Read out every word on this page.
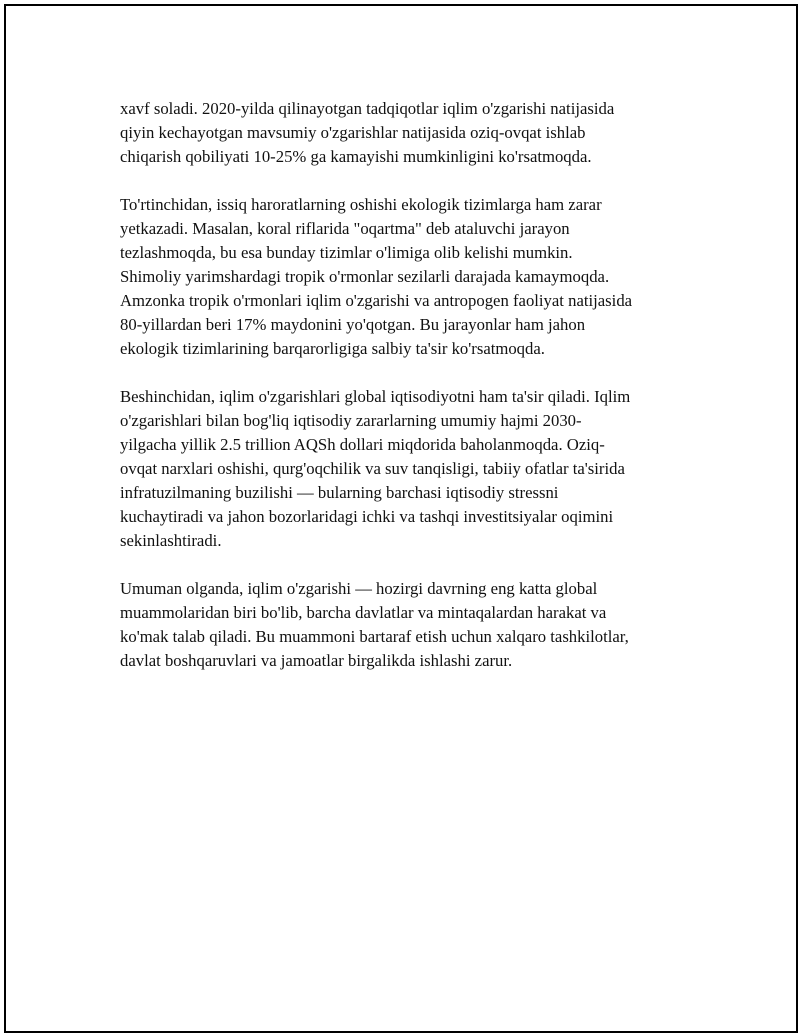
xavf soladi. 2020-yilda qilinayotgan tadqiqotlar iqlim o'zgarishi natijasida
qiyin kechayotgan mavsumiy o'zgarishlar natijasida oziq-ovqat ishlab
chiqarish qobiliyati 10-25% ga kamayishi mumkinligini ko'rsatmoqda.

To'rtinchidan, issiq haroratlarning oshishi ekologik tizimlarga ham zarar
yetkazadi. Masalan, koral riflarida "oqartma" deb ataluvchi jarayon
tezlashmoqda, bu esa bunday tizimlar o'limiga olib kelishi mumkin.
Shimoliy yarimshardagi tropik o'rmonlar sezilarli darajada kamaymoqda.
Amzonka tropik o'rmonlari iqlim o'zgarishi va antropogen faoliyat natijasida
80-yillardan beri 17% maydonini yo'qotgan. Bu jarayonlar ham jahon
ekologik tizimlarining barqarorligiga salbiy ta'sir ko'rsatmoqda.

Beshinchidan, iqlim o'zgarishlari global iqtisodiyotni ham ta'sir qiladi. Iqlim
o'zgarishlari bilan bog'liq iqtisodiy zararlarning umumiy hajmi 2030-
yilgacha yillik 2.5 trillion AQSh dollari miqdorida baholanmoqda. Oziq-
ovqat narxlari oshishi, qurg'oqchilik va suv tanqisligi, tabiiy ofatlar ta'sirida
infratuzilmaning buzilishi — bularning barchasi iqtisodiy stressni
kuchaytiradi va jahon bozorlaridagi ichki va tashqi investitsiyalar oqimini
sekinlashtiradi.

Umuman olganda, iqlim o'zgarishi — hozirgi davrning eng katta global
muammolaridan biri bo'lib, barcha davlatlar va mintaqalardan harakat va
ko'mak talab qiladi. Bu muammoni bartaraf etish uchun xalqaro tashkilotlar,
davlat boshqaruvlari va jamoatlar birgalikda ishlashi zarur.
